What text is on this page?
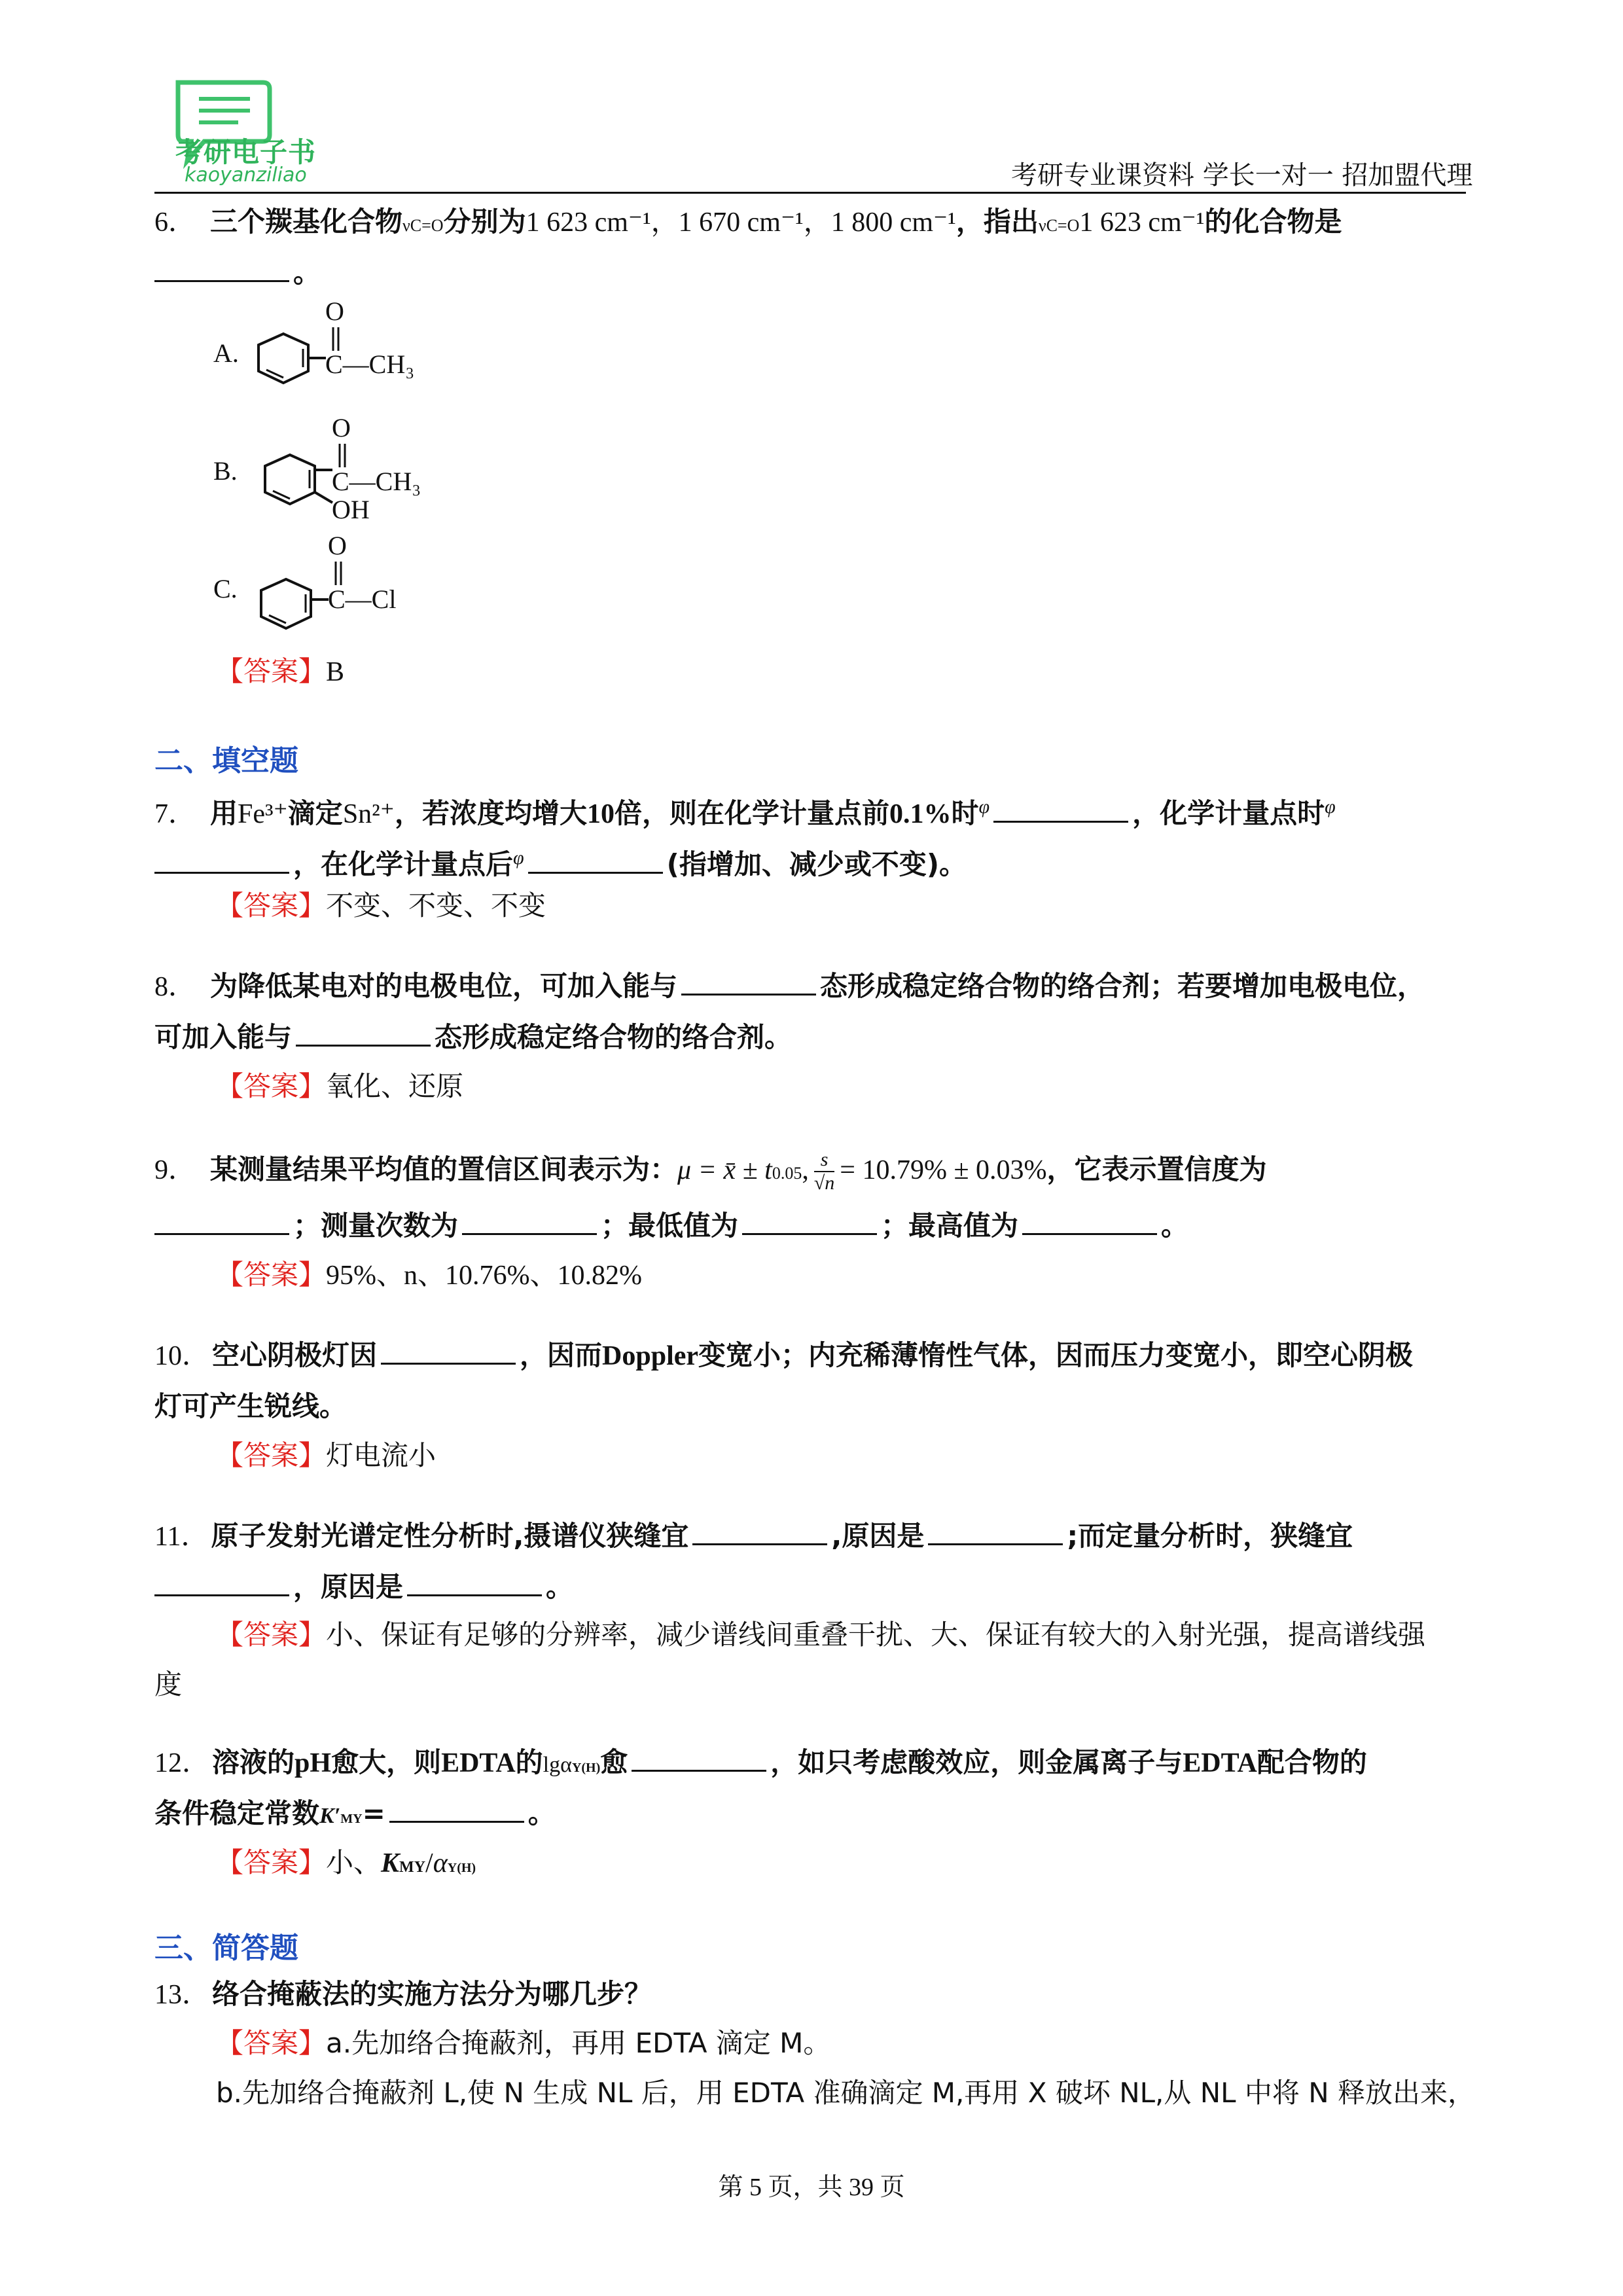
考研电子书
kaoyanziliao	考研专业课资料 学长一对一 招加盟代理
6． 三个羰基化合物νC=O分别为1 623 cm⁻¹，1 670 cm⁻¹，1 800 cm⁻¹，指出νC=O1 623 cm⁻¹的化合物是
。
A.
O
C—CH₃
B.
O
C—CH₃
OH
C.
O
C—Cl
【答案】B
二、填空题
7． 用Fe³⁺滴定Sn²⁺，若浓度均增大10倍，则在化学计量点前0.1%时$^\varphi$	，化学计量点时$^\varphi$
，在化学计量点后$^\varphi$	(指增加、减少或不变)。
【答案】不变、不变、不变
8． 为降低某电对的电极电位，可加入能与	态形成稳定络合物的络合剂；若要增加电极电位，
可加入能与	态形成稳定络合物的络合剂。
【答案】氧化、还原
9． 某测量结果平均值的置信区间表示为：μ = x̄ ± t0.05, $\frac{s}{√n} = 10.79\% \pm 0.03\%$，它表示置信度为
；测量次数为	；最低值为	；最高值为	。
【答案】95%、n、10.76%、10.82%
10．空心阴极灯因	，因而Doppler变宽小；内充稀薄惰性气体，因而压力变宽小，即空心阴极
灯可产生锐线。
【答案】灯电流小
11．原子发射光谱定性分析时,摄谱仪狭缝宜	,原因是	;而定量分析时，狭缝宜
，原因是	。
【答案】小、保证有足够的分辨率，减少谱线间重叠干扰、大、保证有较大的入射光强，提高谱线强
度
12．溶液的pH愈大，则EDTA的lgαY(H)愈	，如只考虑酸效应，则金属离子与EDTA配合物的
条件稳定常数K′MY=	。
【答案】小、KMY/αY(H)
三、简答题
13．络合掩蔽法的实施方法分为哪几步？
【答案】a.先加络合掩蔽剂，再用 EDTA 滴定 M。
b.先加络合掩蔽剂 L,使 N 生成 NL 后，用 EDTA 准确滴定 M,再用 X 破坏 NL,从 NL 中将 N 释放出来，
第 5 页，共 39 页
